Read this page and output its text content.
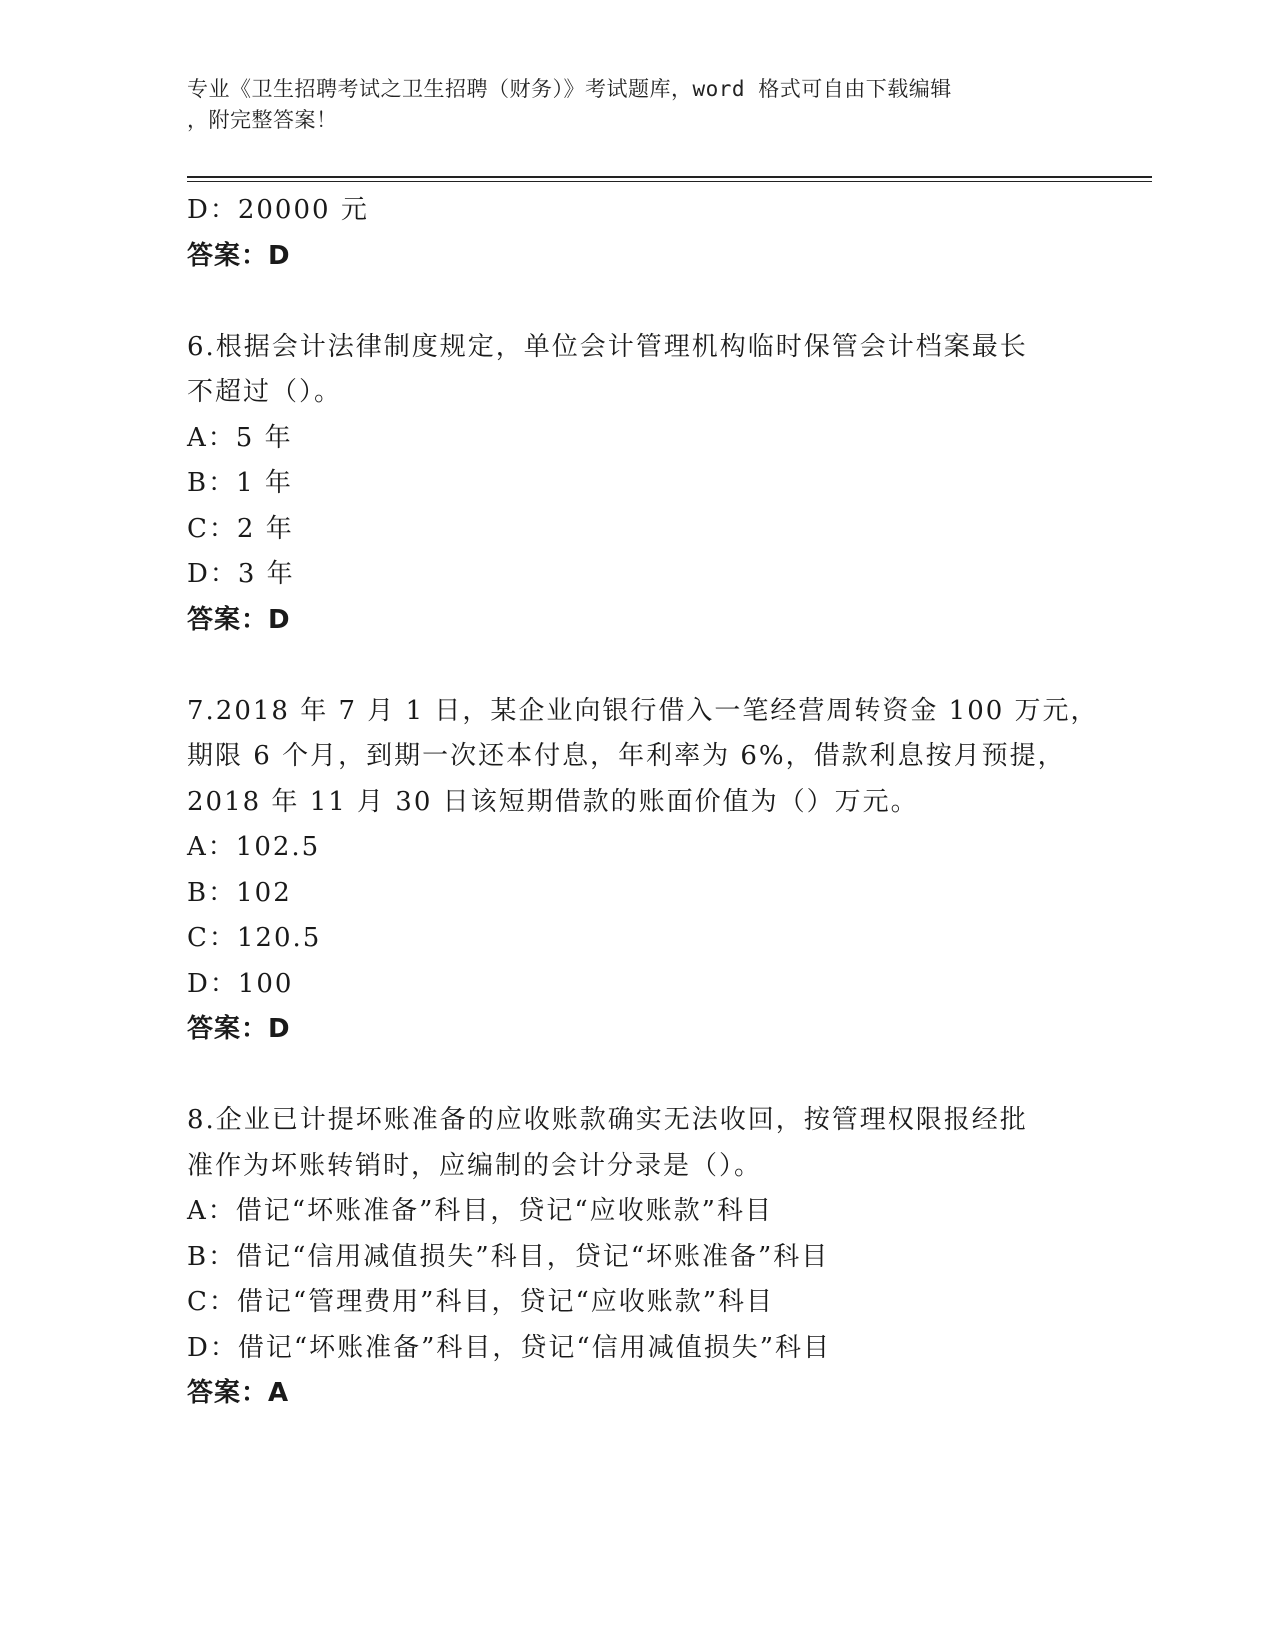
专业《卫生招聘考试之卫生招聘（财务）》考试题库，word 格式可自由下载编辑
，附完整答案！
D：20000 元
答案：D
6.根据会计法律制度规定，单位会计管理机构临时保管会计档案最长
不超过（）。
A：5 年
B：1 年
C：2 年
D：3 年
答案：D
7.2018 年 7 月 1 日，某企业向银行借入一笔经营周转资金 100 万元，
期限 6 个月，到期一次还本付息，年利率为 6%，借款利息按月预提，
2018 年 11 月 30 日该短期借款的账面价值为（）万元。
A：102.5
B：102
C：120.5
D：100
答案：D
8.企业已计提坏账准备的应收账款确实无法收回，按管理权限报经批
准作为坏账转销时，应编制的会计分录是（）。
A：借记“坏账准备”科目，贷记“应收账款”科目
B：借记“信用减值损失”科目，贷记“坏账准备”科目
C：借记“管理费用”科目，贷记“应收账款”科目
D：借记“坏账准备”科目，贷记“信用减值损失”科目
答案：A
